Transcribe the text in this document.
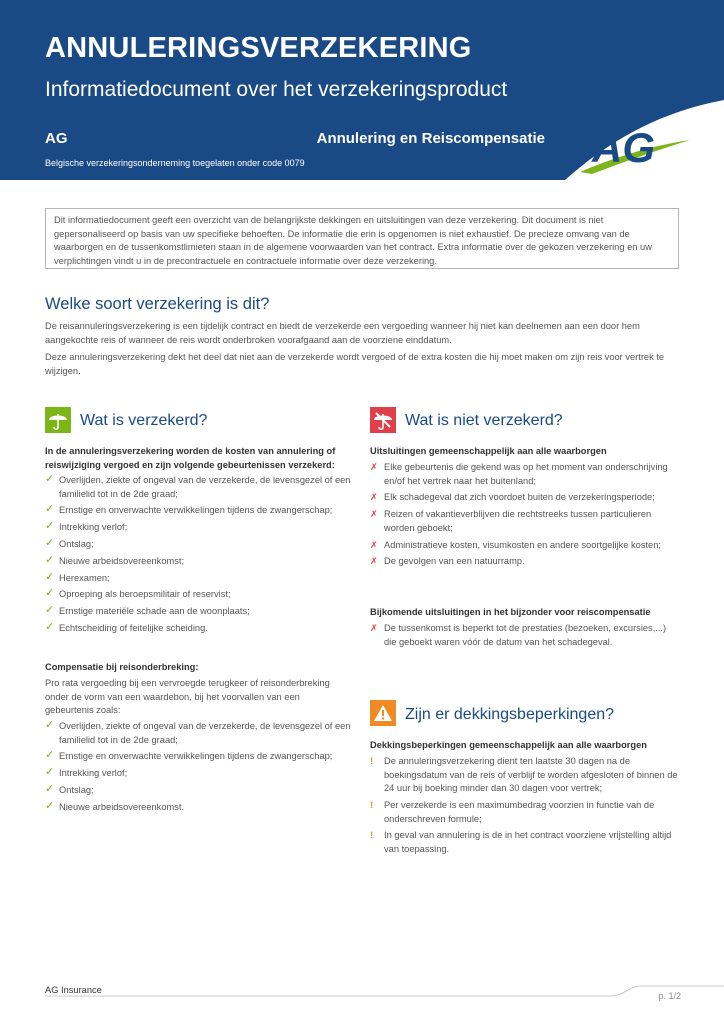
ANNULERINGSVERZEKERING
Informatiedocument over het verzekeringsproduct
AG	Annulering en Reiscompensatie
Belgische verzekeringsonderneming toegelaten onder code 0079	AG
Dit informatiedocument geeft een overzicht van de belangrijkste dekkingen en uitsluitingen van deze verzekering. Dit document is niet gepersonaliseerd op basis van uw specifieke behoeften. De informatie die erin is opgenomen is niet exhaustief. De precieze omvang van de waarborgen en de tussenkomstlimieten staan in de algemene voorwaarden van het contract. Extra informatie over de gekozen verzekering en uw verplichtingen vindt u in de precontractuele en contractuele informatie over deze verzekering.
Welke soort verzekering is dit?
De reisannuleringsverzekering is een tijdelijk contract en biedt de verzekerde een vergoeding wanneer hij niet kan deelnemen aan een door hem aangekochte reis of wanneer de reis wordt onderbroken voorafgaand aan de voorziene einddatum.
Deze annuleringsverzekering dekt het deel dat niet aan de verzekerde wordt vergoed of de extra kosten die hij moet maken om zijn reis voor vertrek te wijzigen.
Wat is verzekerd?
In de annuleringsverzekering worden de kosten van annulering of reiswijziging vergoed en zijn volgende gebeurtenissen verzekerd:
✓ Overlijden, ziekte of ongeval van de verzekerde, de levensgezel of een familielid tot in de 2de graad;
✓ Ernstige en onverwachte verwikkelingen tijdens de zwangerschap;
✓ Intrekking verlof;
✓ Ontslag;
✓ Nieuwe arbeidsovereenkomst;
✓ Herexamen;
✓ Oproeping als beroepsmilitair of reservist;
✓ Ernstige materiële schade aan de woonplaats;
✓ Echtscheiding of feitelijke scheiding.
Compensatie bij reisonderbreking:
Pro rata vergoeding bij een vervroegde terugkeer of reisonderbreking onder de vorm van een waardebon, bij het voorvallen van een gebeurtenis zoals:
✓ Overlijden, ziekte of ongeval van de verzekerde, de levensgezel of een familielid tot in de 2de graad;
✓ Ernstige en onverwachte verwikkelingen tijdens de zwangerschap;
✓ Intrekking verlof;
✓ Ontslag;
✓ Nieuwe arbeidsovereenkomst.
Wat is niet verzekerd?
Uitsluitingen gemeenschappelijk aan alle waarborgen
✗ Elke gebeurtenis die gekend was op het moment van onderschrijving en/of het vertrek naar het buitenland;
✗ Elk schadegeval dat zich voordoet buiten de verzekeringsperiode;
✗ Reizen of vakantieverblijven die rechtstreeks tussen particulieren worden geboekt;
✗ Administratieve kosten, visumkosten en andere soortgelijke kosten;
✗ De gevolgen van een natuurramp.
Bijkomende uitsluitingen in het bijzonder voor reiscompensatie
✗ De tussenkomst is beperkt tot de prestaties (bezoeken, excursies,...) die geboekt waren vóór de datum van het schadegeval.
Zijn er dekkingsbeperkingen?
Dekkingsbeperkingen gemeenschappelijk aan alle waarborgen
! De annuleringsverzekering dient ten laatste 30 dagen na de boekingsdatum van de reis of verblijf te worden afgesloten of binnen de 24 uur bij boeking minder dan 30 dagen voor vertrek;
! Per verzekerde is een maximumbedrag voorzien in functie van de onderschreven formule;
! In geval van annulering is de in het contract voorziene vrijstelling altijd van toepassing.
AG Insurance
p. 1/2
